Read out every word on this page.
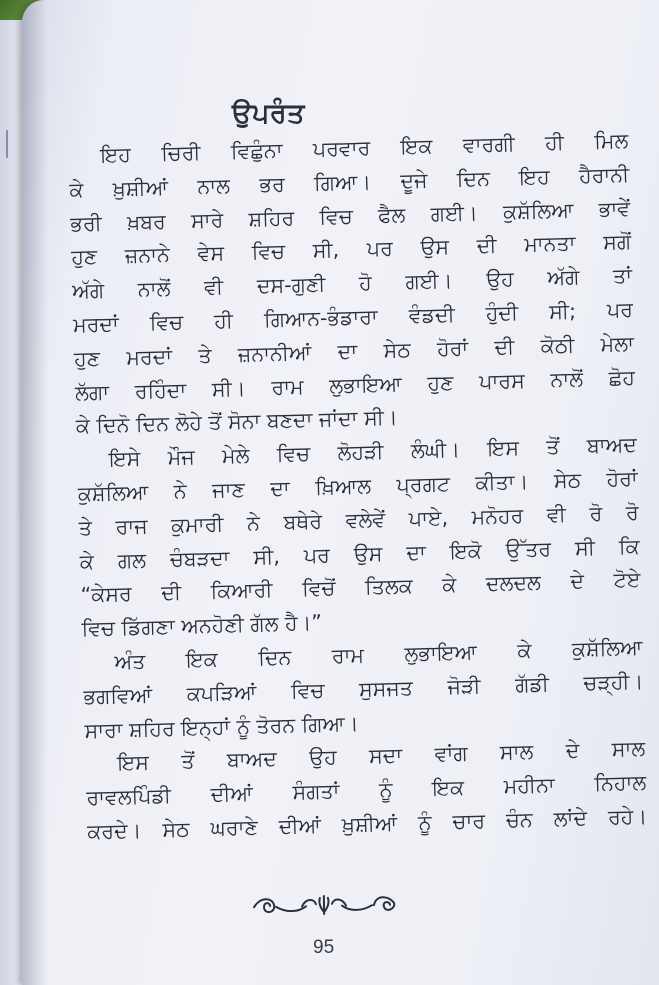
ਉਪਰੰਤ
ਇਹ ਚਿਰੀ ਵਿਛੁੰਨਾ ਪਰਵਾਰ ਇਕ ਵਾਰਗੀ ਹੀ ਮਿਲ
ਕੇ ਖ਼ੁਸ਼ੀਆਂ ਨਾਲ ਭਰ ਗਿਆ। ਦੂਜੇ ਦਿਨ ਇਹ ਹੈਰਾਨੀ
ਭਰੀ ਖ਼ਬਰ ਸਾਰੇ ਸ਼ਹਿਰ ਵਿਚ ਫੈਲ ਗਈ। ਕੁਸ਼ੱਲਿਆ ਭਾਵੇਂ
ਹੁਣ ਜ਼ਨਾਨੇ ਵੇਸ ਵਿਚ ਸੀ, ਪਰ ਉਸ ਦੀ ਮਾਨਤਾ ਸਗੋਂ
ਅੱਗੇ ਨਾਲੋਂ ਵੀ ਦਸ-ਗੁਣੀ ਹੋ ਗਈ। ਉਹ ਅੱਗੇ ਤਾਂ
ਮਰਦਾਂ ਵਿਚ ਹੀ ਗਿਆਨ-ਭੰਡਾਰਾ ਵੰਡਦੀ ਹੁੰਦੀ ਸੀ; ਪਰ
ਹੁਣ ਮਰਦਾਂ ਤੇ ਜ਼ਨਾਨੀਆਂ ਦਾ ਸੇਠ ਹੋਰਾਂ ਦੀ ਕੋਠੀ ਮੇਲਾ
ਲੱਗਾ ਰਹਿੰਦਾ ਸੀ। ਰਾਮ ਲੁਭਾਇਆ ਹੁਣ ਪਾਰਸ ਨਾਲੋਂ ਛੋਹ
ਕੇ ਦਿਨੋ ਦਿਨ ਲੋਹੇ ਤੋਂ ਸੋਨਾ ਬਣਦਾ ਜਾਂਦਾ ਸੀ।
ਇਸੇ ਮੌਜ ਮੇਲੇ ਵਿਚ ਲੋਹੜੀ ਲੰਘੀ। ਇਸ ਤੋਂ ਬਾਅਦ
ਕੁਸ਼ੱਲਿਆ ਨੇ ਜਾਣ ਦਾ ਖ਼ਿਆਲ ਪ੍ਰਗਟ ਕੀਤਾ। ਸੇਠ ਹੋਰਾਂ
ਤੇ ਰਾਜ ਕੁਮਾਰੀ ਨੇ ਬਥੇਰੇ ਵਲੇਵੇਂ ਪਾਏ, ਮਨੋਹਰ ਵੀ ਰੋ ਰੋ
ਕੇ ਗਲ ਚੰਬੜਦਾ ਸੀ, ਪਰ ਉਸ ਦਾ ਇਕੋ ਉੱਤਰ ਸੀ ਕਿ
“ਕੇਸਰ ਦੀ ਕਿਆਰੀ ਵਿਚੋਂ ਤਿਲਕ ਕੇ ਦਲਦਲ ਦੇ ਟੋਏ
ਵਿਚ ਡਿੱਗਣਾ ਅਨਹੋਣੀ ਗੱਲ ਹੈ।”
ਅੰਤ ਇਕ ਦਿਨ ਰਾਮ ਲੁਭਾਇਆ ਕੇ ਕੁਸ਼ੱਲਿਆ
ਭਗਵਿਆਂ ਕਪੜਿਆਂ ਵਿਚ ਸੁਸਜਤ ਜੋੜੀ ਗੱਡੀ ਚੜ੍ਹੀ।
ਸਾਰਾ ਸ਼ਹਿਰ ਇਨ੍ਹਾਂ ਨੂੰ ਤੋਰਨ ਗਿਆ।
ਇਸ ਤੋਂ ਬਾਅਦ ਉਹ ਸਦਾ ਵਾਂਗ ਸਾਲ ਦੇ ਸਾਲ
ਰਾਵਲਪਿੰਡੀ ਦੀਆਂ ਸੰਗਤਾਂ ਨੂੰ ਇਕ ਮਹੀਨਾ ਨਿਹਾਲ
ਕਰਦੇ। ਸੇਠ ਘਰਾਣੇ ਦੀਆਂ ਖ਼ੁਸ਼ੀਆਂ ਨੂੰ ਚਾਰ ਚੰਨ ਲਾਂਦੇ ਰਹੇ।
95
